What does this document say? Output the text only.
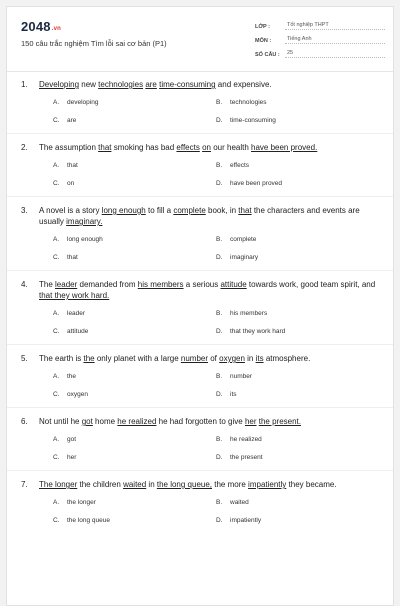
2048.vn
150 câu trắc nghiệm Tìm lỗi sai cơ bản (P1)
LỚP :	Tốt nghiệp THPT
MÔN :	Tiếng Anh
SỐ CÂU :	25
1.	Developing new technologies are time-consuming and expensive.
A.	developing	B.	technologies
C.	are	D.	time-consuming
2.	The assumption that smoking has bad effects on our health have been proved.
A.	that	B.	effects
C.	on	D.	have been proved
3.	A novel is a story long enough to fill a complete book, in that the characters and events are usually imaginary.
A.	long enough	B.	complete
C.	that	D.	imaginary
4.	The leader demanded from his members a serious attitude towards work, good team spirit, and that they work hard.
A.	leader	B.	his members
C.	attitude	D.	that they work hard
5.	The earth is the only planet with a large number of oxygen in its atmosphere.
A.	the	B.	number
C.	oxygen	D.	its
6.	Not until he got home he realized he had forgotten to give her the present.
A.	got	B.	he realized
C.	her	D.	the present
7.	The longer the children waited in the long queue, the more impatiently they became.
A.	the longer	B.	waited
C.	the long queue	D.	impatiently
